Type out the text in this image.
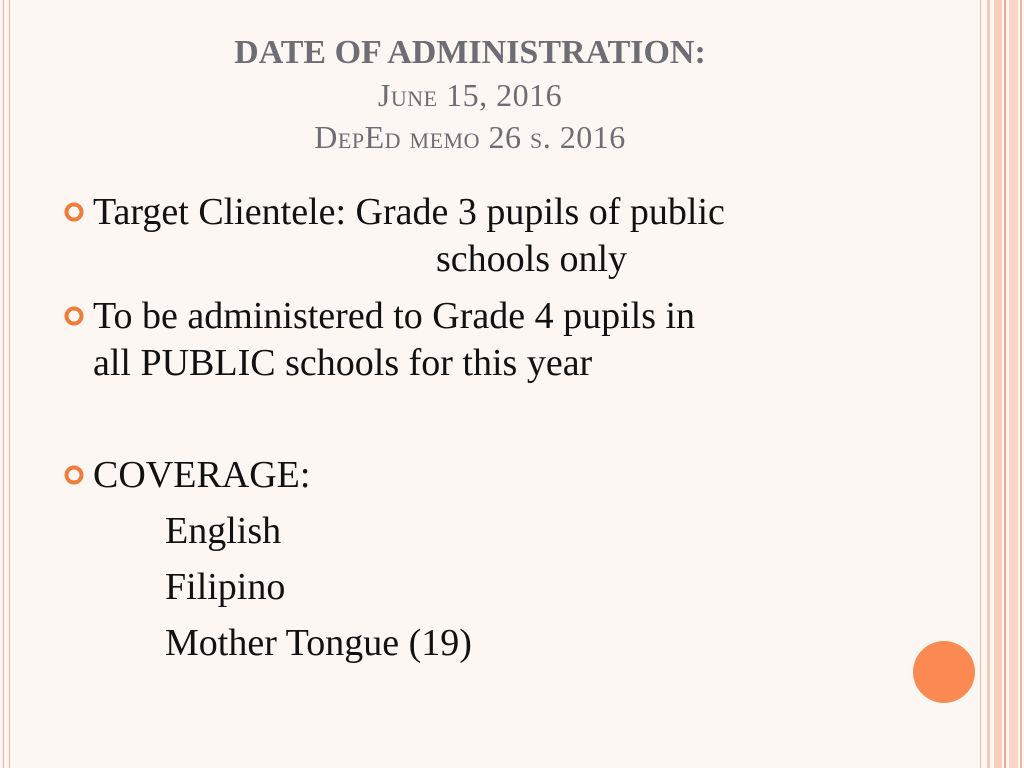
DATE OF ADMINISTRATION:
June 15, 2016
DepEd memo 26 s. 2016
Target Clientele: Grade 3 pupils of public
schools only
To be administered to Grade 4 pupils in
all PUBLIC schools for this year
COVERAGE:
English
Filipino
Mother Tongue (19)
